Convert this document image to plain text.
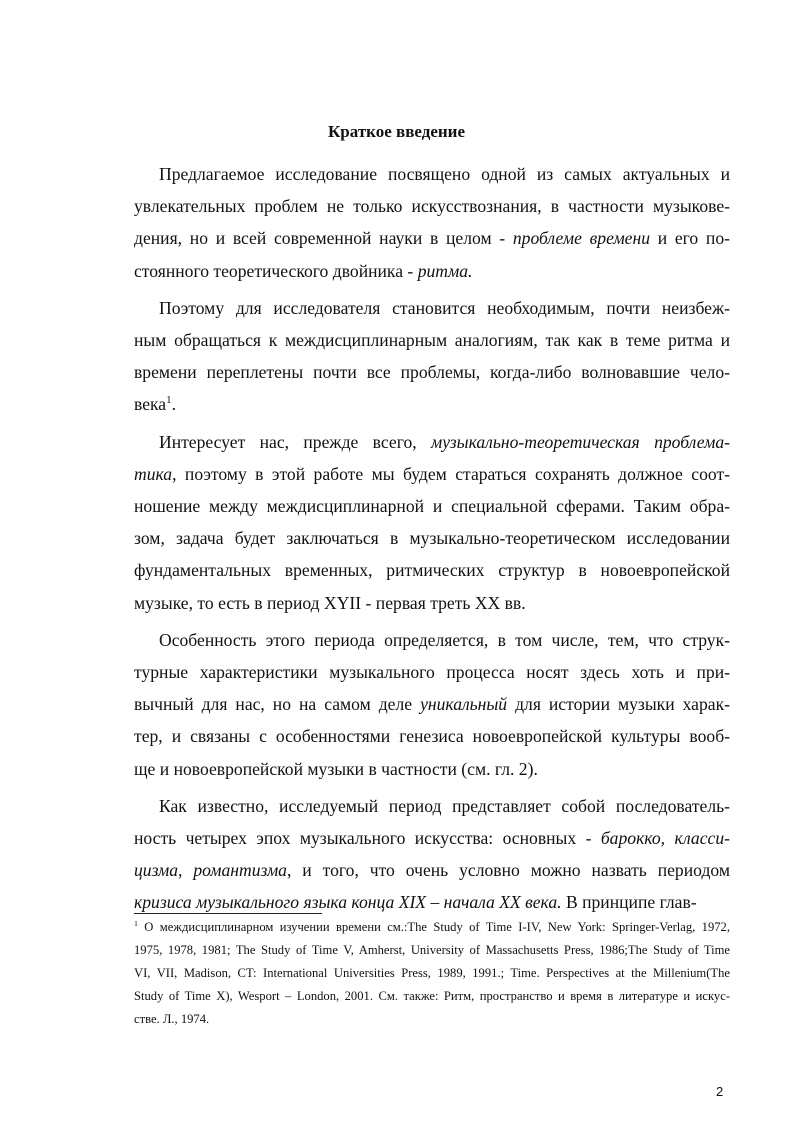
Краткое введение
Предлагаемое исследование посвящено одной из самых актуальных и
увлекательных проблем не только искусствознания, в частности музыкове-
дения, но и всей современной науки в целом - проблеме времени и его по-
стоянного теоретического двойника - ритма.
Поэтому для исследователя становится необходимым, почти неизбеж-
ным обращаться к междисциплинарным аналогиям, так как в теме ритма и
времени переплетены почти все проблемы, когда-либо волновавшие чело-
века$^1$.
Интересует нас, прежде всего, музыкально-теоретическая проблема-
тика, поэтому в этой работе мы будем стараться сохранять должное соот-
ношение между междисциплинарной и специальной сферами. Таким обра-
зом, задача будет заключаться в музыкально-теоретическом исследовании
фундаментальных временных, ритмических структур в новоевропейской
музыке, то есть в период XYII - первая треть XX вв.
Особенность этого периода определяется, в том числе, тем, что струк-
турные характеристики музыкального процесса носят здесь хоть и при-
вычный для нас, но на самом деле уникальный для истории музыки харак-
тер, и связаны с особенностями генезиса новоевропейской культуры вооб-
ще и новоевропейской музыки в частности (см. гл. 2).
Как известно, исследуемый период представляет собой последователь-
ность четырех эпох музыкального искусства: основных - барокко, класси-
цизма, романтизма, и того, что очень условно можно назвать периодом
кризиса музыкального языка конца XIX – начала XX века. В принципе глав-
$^1$ О междисциплинарном изучении времени см.:The Study of Time I-IV, New York: Springer-Verlag, 1972,
1975, 1978, 1981; The Study of Time V, Amherst, University of Massachusetts Press, 1986;The Study of Time
VI, VII, Madison, CT: International Universities Press, 1989, 1991.; Time. Perspectives at the Millenium(The
Study of Time X), Wesport – London, 2001. См. также: Ритм, пространство и время в литературе и искус-
стве. Л., 1974.
2
